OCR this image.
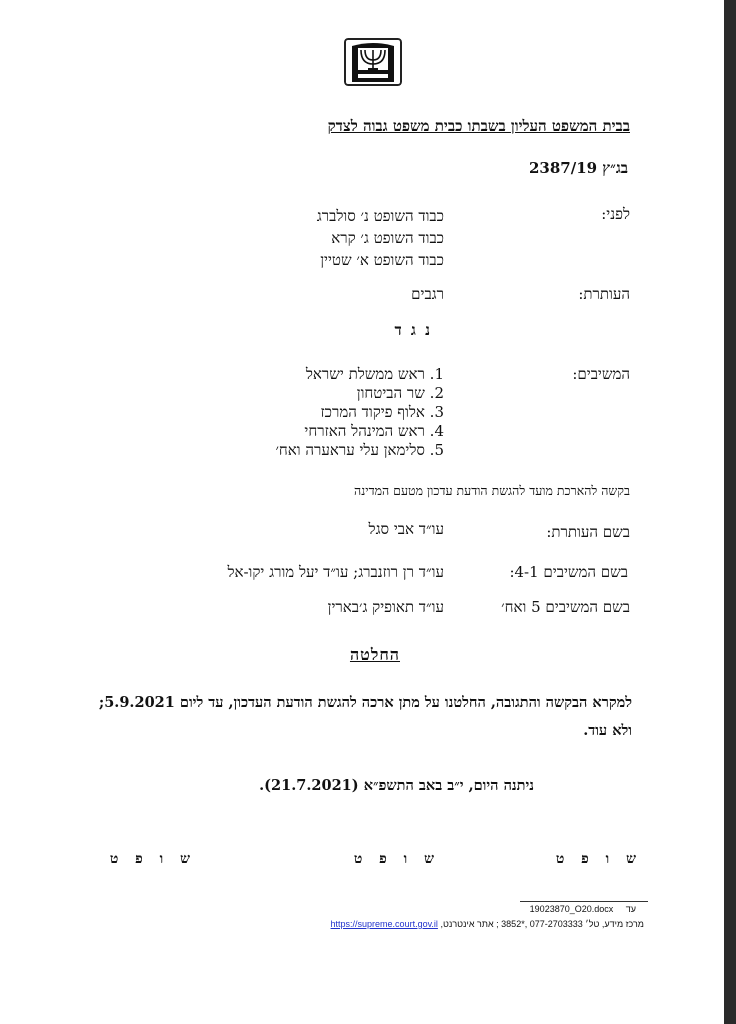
בבית המשפט העליון בשבתו כבית משפט גבוה לצדק
בג״ץ 2387/19
לפני:
כבוד השופט נ׳ סולברג
כבוד השופט ג׳ קרא
כבוד השופט א׳ שטיין
העותרת:
רגבים
נ ג ד
המשיבים:
1. ראש ממשלת ישראל
2. שר הביטחון
3. אלוף פיקוד המרכז
4. ראש המינהל האזרחי
5. סלימאן עלי עראערה ואח׳
בקשה להארכת מועד להגשת הודעת עדכון מטעם המדינה
בשם העותרת:
עו״ד אבי סגל
בשם המשיבים 4-1:
עו״ד רן רוזנברג; עו״ד יעל מורג יקו-אל
בשם המשיבים 5 ואח׳
עו״ד תאופיק ג׳בארין
החלטה
למקרא הבקשה והתגובה, החלטנו על מתן ארכה להגשת הודעת העדכון, עד ליום 5.9.2021; ולא עוד.
ניתנה היום, י״ב באב התשפ״א (21.7.2021).
ש ו פ ט
ש ו פ ט
ש ו פ ט
19023870_O20.docx עד
מרכז מידע, טל׳ 077-2703333 ,*3852 ; אתר אינטרנט, https://supreme.court.gov.il
